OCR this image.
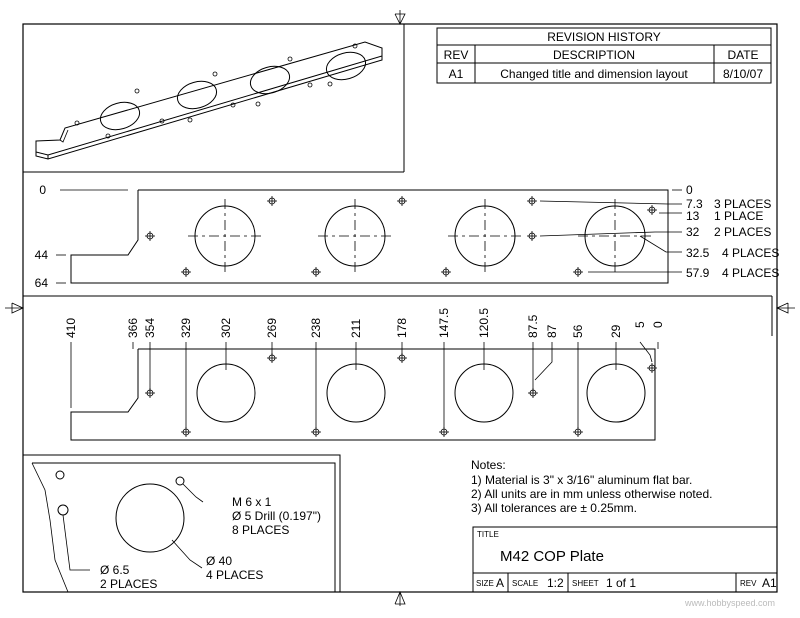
REVISION HISTORY
REV	DESCRIPTION	DATE
A1	Changed title and dimension layout	8/10/07
0
44
64
0
7.3 3 PLACES
13 1 PLACE
32 2 PLACES
32.5 4 PLACES
57.9 4 PLACES
410	366 354 329 302	269	238 211	178 147.5 120.5	87.5 87 56 29 5 0
M 6 x 1
Ø 5 Drill (0.197")
8 PLACES
Ø 40
4 PLACES
Ø 6.5
2 PLACES
Notes:
1) Material is 3" x 3/16" aluminum flat bar.
2) All units are in mm unless otherwise noted.
3) All tolerances are ± 0.25mm.
TITLE
M42 COP Plate
SIZE A SCALE 1:2 SHEET 1 of 1	REV A1
www.hobbyspeed.com
